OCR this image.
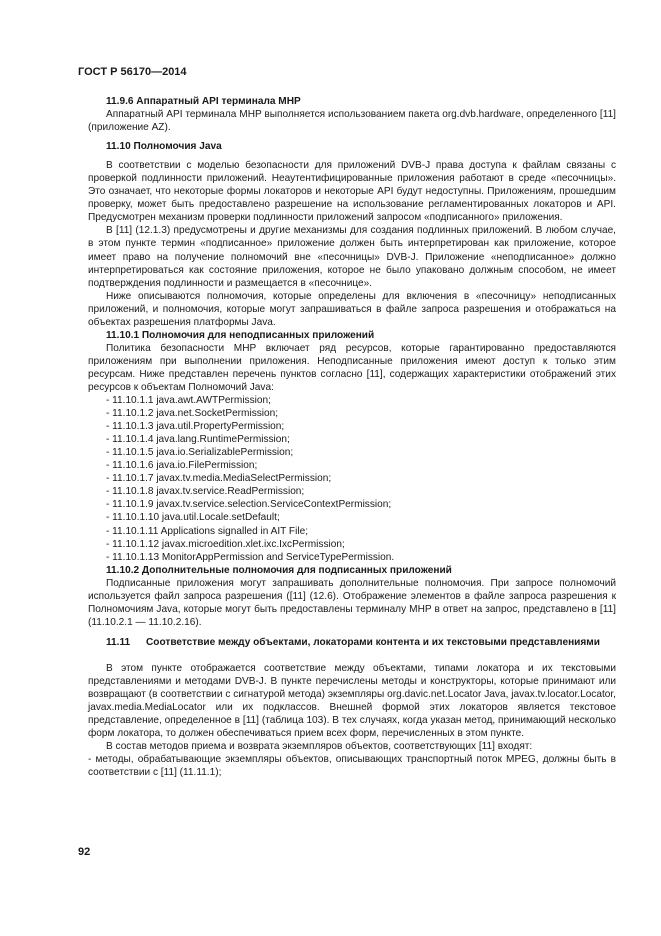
ГОСТ Р 56170—2014

11.9.6 Аппаратный API терминала MHP

Аппаратный API терминала MHP выполняется использованием пакета org.dvb.hardware, определенного [11] (приложение AZ).

11.10 Полномочия Java

В соответствии с моделью безопасности для приложений DVB-J права доступа к файлам связаны с проверкой подлинности приложений. Неаутентифицированные приложения работают в среде «песочницы». Это означает, что некоторые формы локаторов и некоторые API будут недоступны. Приложениям, прошедшим проверку, может быть предоставлено разрешение на использование регламентированных локаторов и API. Предусмотрен механизм проверки подлинности приложений запросом «подписанного» приложения.

В [11] (12.1.3) предусмотрены и другие механизмы для создания подлинных приложений. В любом случае, в этом пункте термин «подписанное» приложение должен быть интерпретирован как приложение, которое имеет право на получение полномочий вне «песочницы» DVB-J. Приложение «неподписанное» должно интерпретироваться как состояние приложения, которое не было упаковано должным способом, не имеет подтверждения подлинности и размещается в «песочнице».

Ниже описываются полномочия, которые определены для включения в «песочницу» неподписанных приложений, и полномочия, которые могут запрашиваться в файле запроса разрешения и отображаться на объектах разрешения платформы Java.

11.10.1 Полномочия для неподписанных приложений

Политика безопасности MHP включает ряд ресурсов, которые гарантированно предоставляются приложениям при выполнении приложения. Неподписанные приложения имеют доступ к только этим ресурсам. Ниже представлен перечень пунктов согласно [11], содержащих характеристики отображений этих ресурсов к объектам Полномочий Java:

- 11.10.1.1 java.awt.AWTPermission;
- 11.10.1.2 java.net.SocketPermission;
- 11.10.1.3 java.util.PropertyPermission;
- 11.10.1.4 java.lang.RuntimePermission;
- 11.10.1.5 java.io.SerializablePermission;
- 11.10.1.6 java.io.FilePermission;
- 11.10.1.7 javax.tv.media.MediaSelectPermission;
- 11.10.1.8 javax.tv.service.ReadPermission;
- 11.10.1.9 javax.tv.service.selection.ServiceContextPermission;
- 11.10.1.10 java.util.Locale.setDefault;
- 11.10.1.11 Applications signalled in AIT File;
- 11.10.1.12 javax.microedition.xlet.ixc.IxcPermission;
- 11.10.1.13 MonitorAppPermission and ServiceTypePermission.

11.10.2 Дополнительные полномочия для подписанных приложений

Подписанные приложения могут запрашивать дополнительные полномочия. При запросе полномочий используется файл запроса разрешения ([11] (12.6). Отображение элементов в файле запроса разрешения к Полномочиям Java, которые могут быть предоставлены терминалу MHP в ответ на запрос, представлено в [11] (11.10.2.1 — 11.10.2.16).

11.11	Соответствие между объектами, локаторами контента и их текстовыми представлениями

В этом пункте отображается соответствие между объектами, типами локатора и их текстовыми представлениями и методами DVB-J. В пункте перечислены методы и конструкторы, которые принимают или возвращают (в соответствии с сигнатурой метода) экземпляры org.davic.net.Locator Java, javax.tv.locator.Locator, javax.media.MediaLocator или их подклассов. Внешней формой этих локаторов является текстовое представление, определенное в [11] (таблица 103). В тех случаях, когда указан метод, принимающий несколько форм локатора, то должен обеспечиваться прием всех форм, перечисленных в этом пункте.

В состав методов приема и возврата экземпляров объектов, соответствующих [11] входят:

- методы, обрабатывающие экземпляры объектов, описывающих транспортный поток MPEG, должны быть в соответствии с [11] (11.11.1);

92
